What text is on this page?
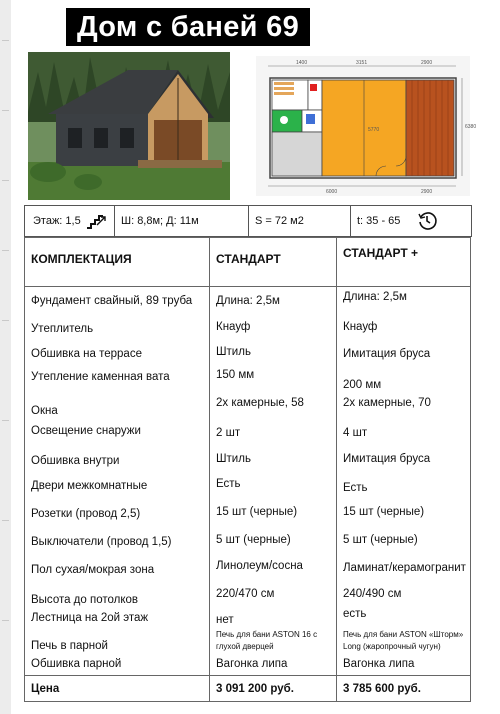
Дом с баней 69
1400	3151	2900
6000	2900
6380
5770
Этаж: 1,5	Ш: 8,8м; Д: 11м	S = 72 м2	t: 35 - 65
КОМПЛЕКТАЦИЯ	СТАНДАРТ	СТАНДАРТ +
Фундамент свайный, 89 труба	Длина: 2,5м	Длина: 2,5м
Утеплитель	Кнауф	Кнауф
Обшивка на террасе	Штиль	Имитация бруса
Утепление каменная вата	150 мм	200 мм
Окна	2х камерные, 58	2х камерные, 70
Освещение снаружи	2 шт	4 шт
Обшивка внутри	Штиль	Имитация бруса
Двери межкомнатные	Есть	Есть
Розетки (провод 2,5)	15 шт (черные)	15 шт (черные)
Выключатели (провод 1,5)	5 шт (черные)	5 шт (черные)
Пол сухая/мокрая зона	Линолеум/сосна	Ламинат/керамогранит
Высота до потолков	220/470 см	240/490 см
Лестница на 2ой этаж	нет	есть
Печь в парной	Печь для бани ASTON 16 с глухой дверцей	Печь для бани ASTON «Шторм» Long (жаропрочный чугун)
Обшивка парной	Вагонка липа	Вагонка липа
Цена	3 091 200 руб.	3 785 600 руб.
